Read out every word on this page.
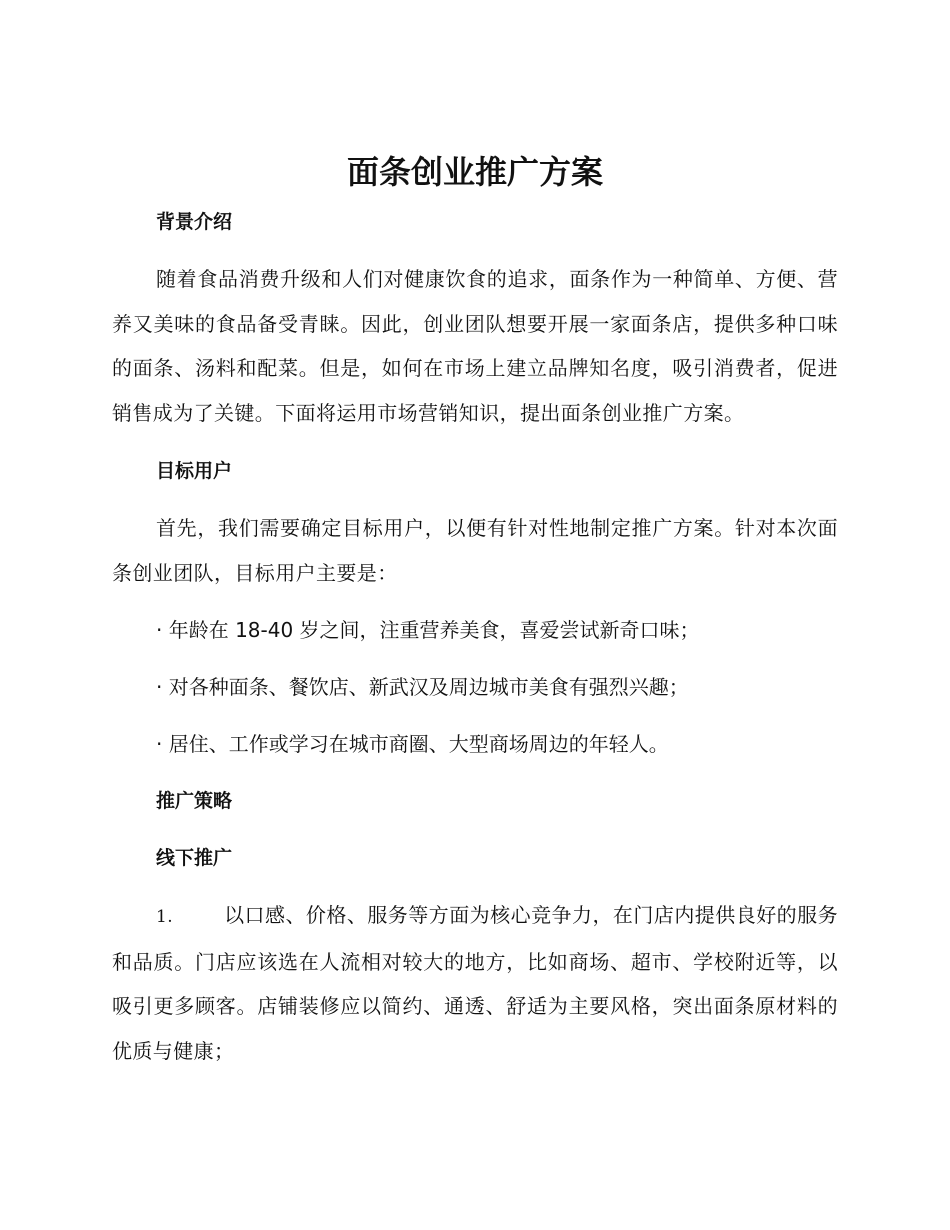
面条创业推广方案
背景介绍

随着食品消费升级和人们对健康饮食的追求，面条作为一种简单、方便、营养又美味的食品备受青睐。因此，创业团队想要开展一家面条店，提供多种口味的面条、汤料和配菜。但是，如何在市场上建立品牌知名度，吸引消费者，促进销售成为了关键。下面将运用市场营销知识，提出面条创业推广方案。

目标用户

首先，我们需要确定目标用户，以便有针对性地制定推广方案。针对本次面条创业团队，目标用户主要是：

· 年龄在 18-40 岁之间，注重营养美食，喜爱尝试新奇口味；
· 对各种面条、餐饮店、新武汉及周边城市美食有强烈兴趣；
· 居住、工作或学习在城市商圈、大型商场周边的年轻人。
推广策略
线下推广

1.	以口感、价格、服务等方面为核心竞争力，在门店内提供良好的服务和品质。门店应该选在人流相对较大的地方，比如商场、超市、学校附近等，以吸引更多顾客。店铺装修应以简约、通透、舒适为主要风格，突出面条原材料的优质与健康；
